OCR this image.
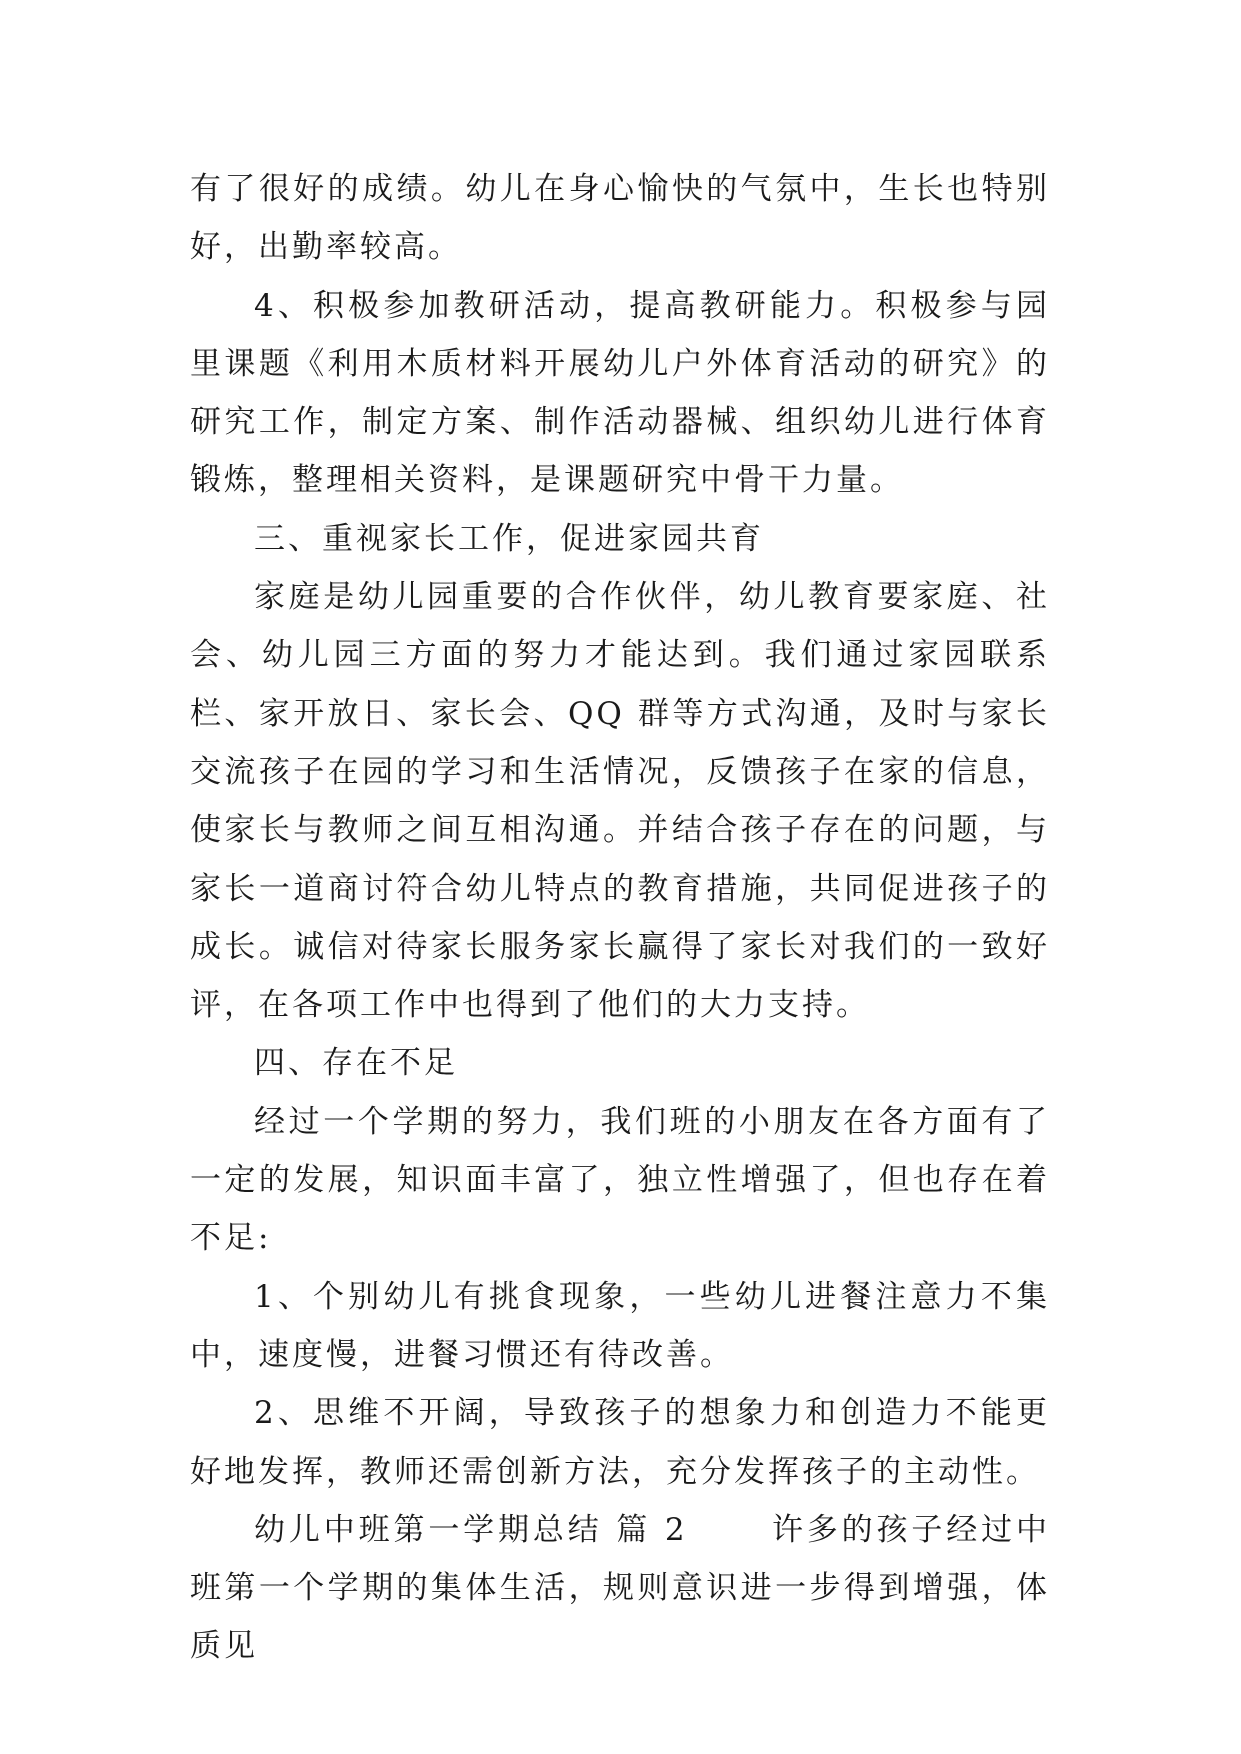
有了很好的成绩。幼儿在身心愉快的气氛中，生长也特别好，出勤率较高。

4、积极参加教研活动，提高教研能力。积极参与园里课题《利用木质材料开展幼儿户外体育活动的研究》的研究工作，制定方案、制作活动器械、组织幼儿进行体育锻炼，整理相关资料，是课题研究中骨干力量。

三、重视家长工作，促进家园共育

家庭是幼儿园重要的合作伙伴，幼儿教育要家庭、社会、幼儿园三方面的努力才能达到。我们通过家园联系栏、家开放日、家长会、QQ 群等方式沟通，及时与家长交流孩子在园的学习和生活情况，反馈孩子在家的信息，使家长与教师之间互相沟通。并结合孩子存在的问题，与家长一道商讨符合幼儿特点的教育措施，共同促进孩子的成长。诚信对待家长服务家长赢得了家长对我们的一致好评，在各项工作中也得到了他们的大力支持。

四、存在不足

经过一个学期的努力，我们班的小朋友在各方面有了一定的发展，知识面丰富了，独立性增强了，但也存在着不足:

1、个别幼儿有挑食现象，一些幼儿进餐注意力不集中，速度慢，进餐习惯还有待改善。

2、思维不开阔，导致孩子的想象力和创造力不能更好地发挥，教师还需创新方法，充分发挥孩子的主动性。

幼儿中班第一学期总结 篇 2　　 许多的孩子经过中班第一个学期的集体生活，规则意识进一步得到增强，体质见
